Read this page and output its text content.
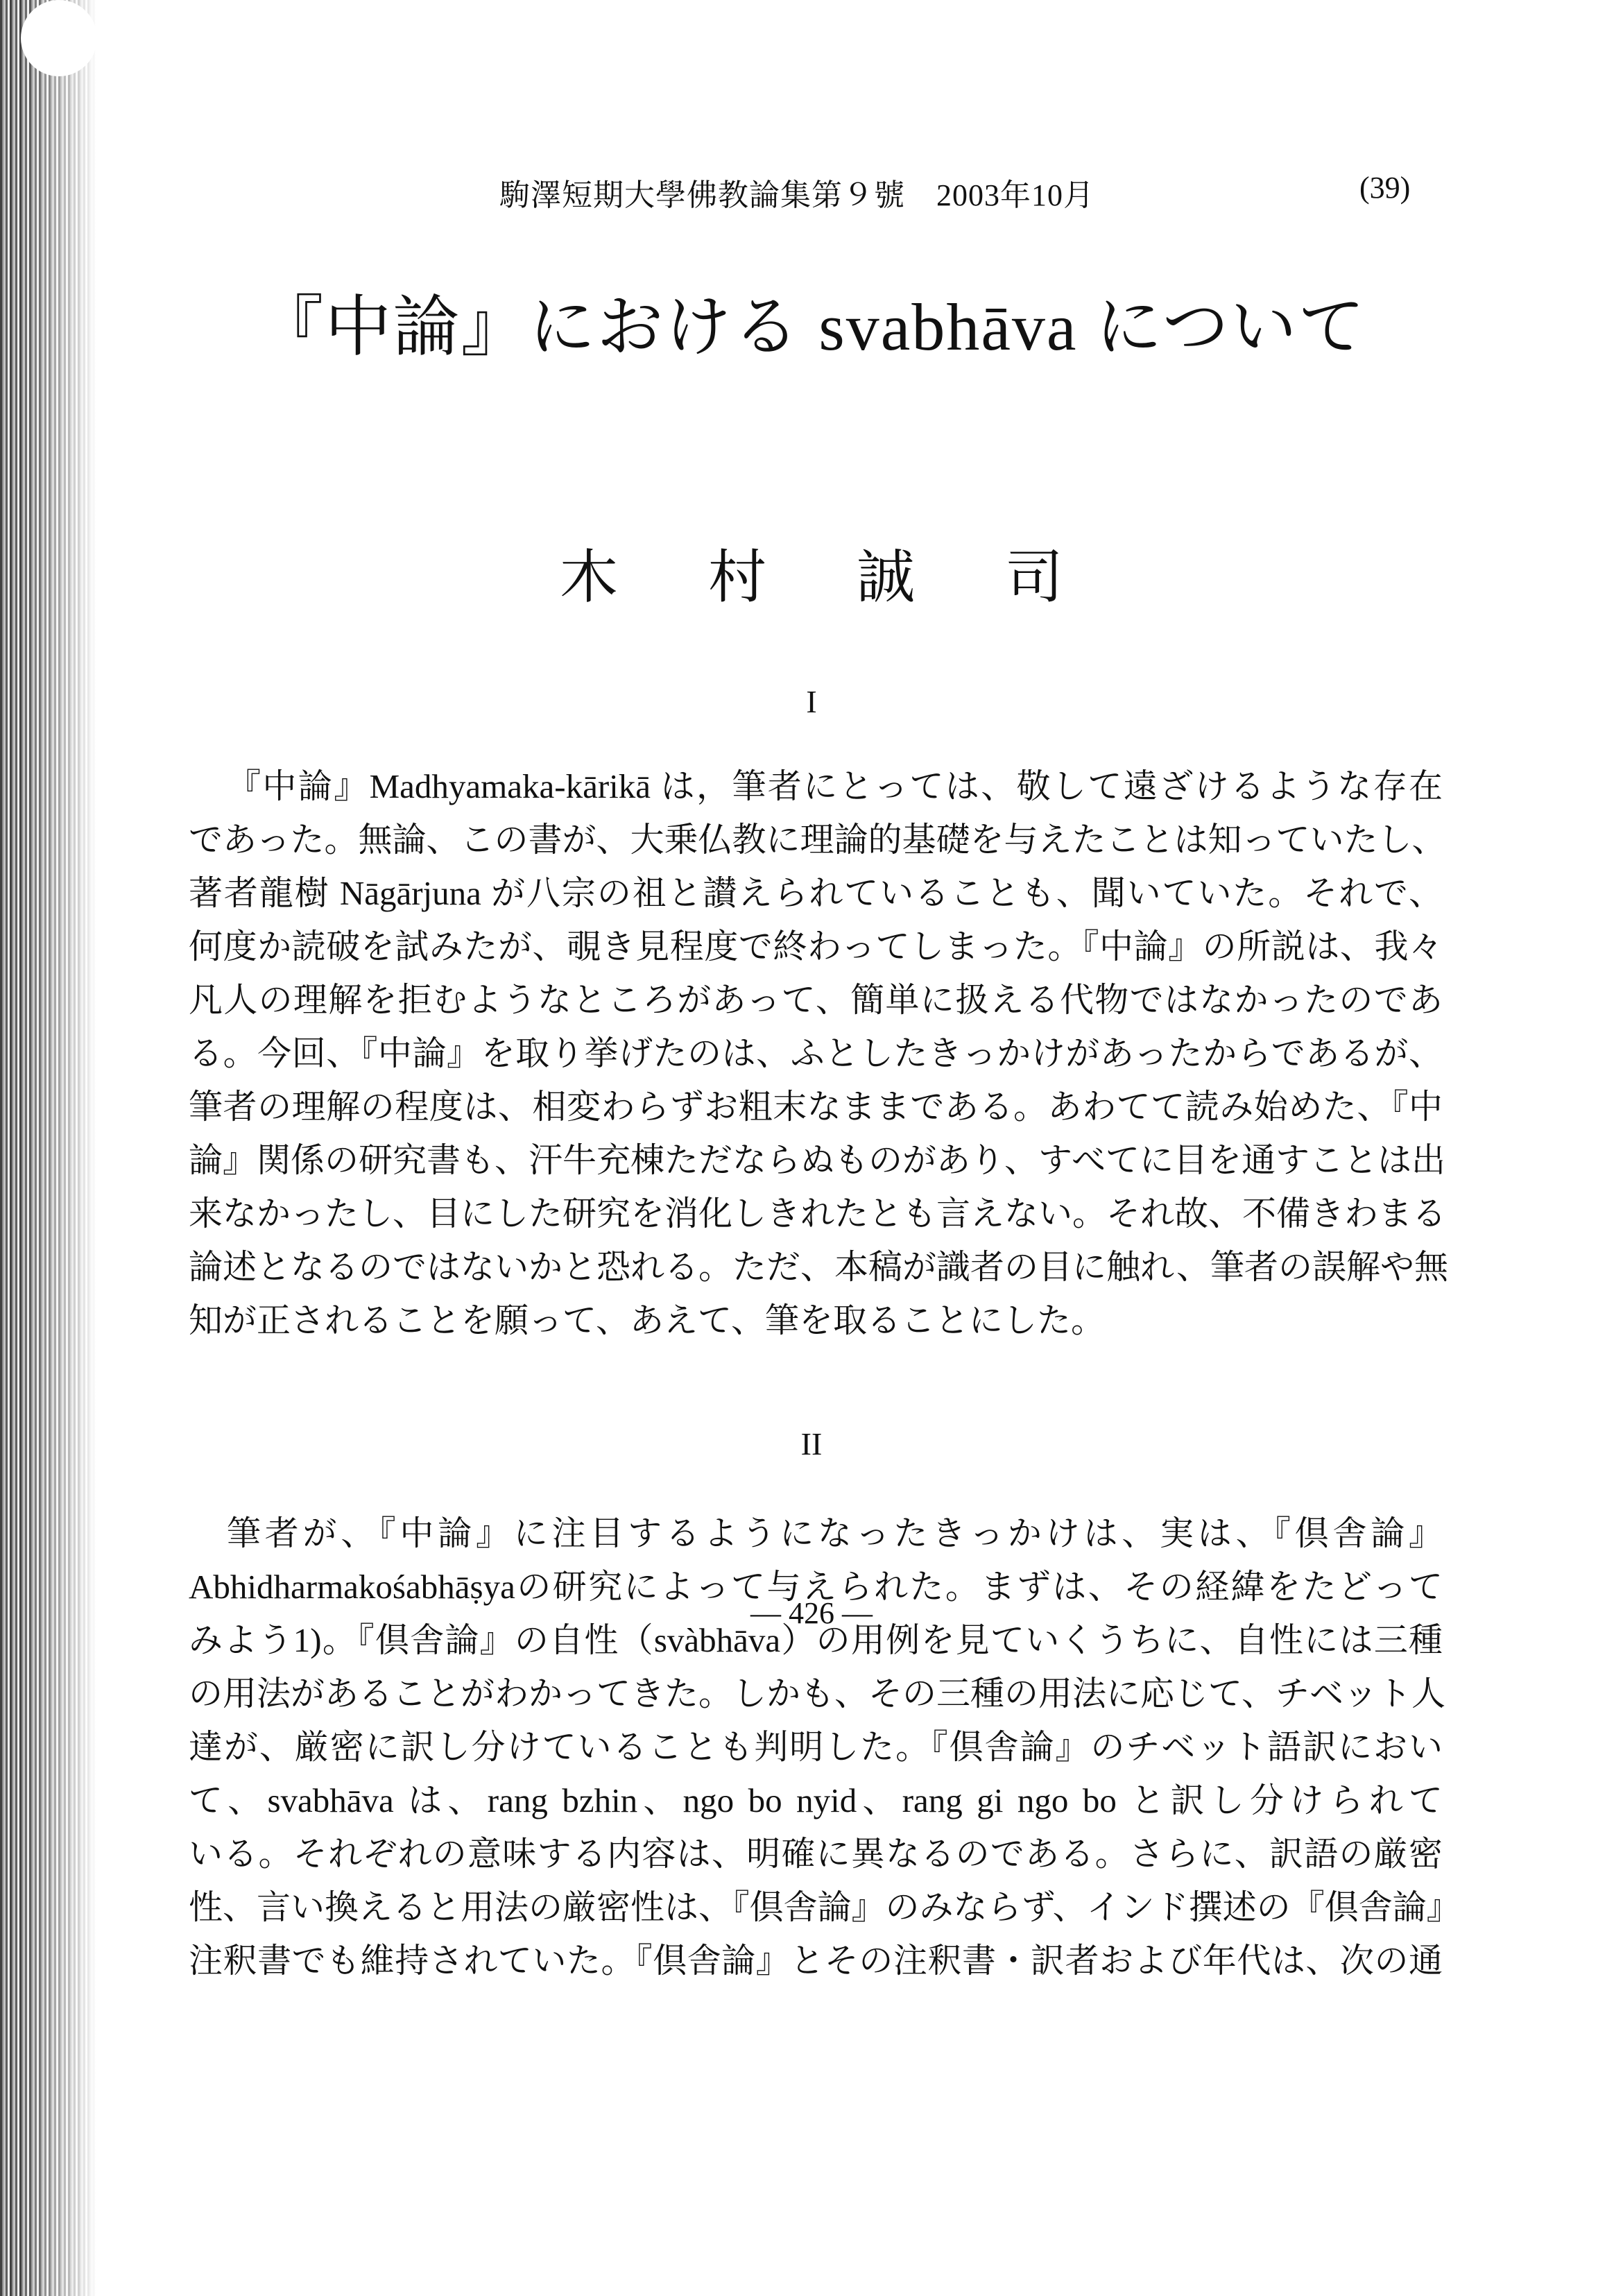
駒澤短期大學佛教論集第９號　2003年10月	(39)
『中論』における svabhāva について
木 村 誠 司
I
『中論』Madhyamaka-kārikā は，筆者にとっては、敬して遠ざけるような存在
であった。無論、この書が、大乗仏教に理論的基礎を与えたことは知っていたし、
著者龍樹 Nāgārjuna が八宗の祖と讃えられていることも、聞いていた。それで、
何度か読破を試みたが、覗き見程度で終わってしまった。『中論』の所説は、我々
凡人の理解を拒むようなところがあって、簡単に扱える代物ではなかったのであ
る。今回、『中論』を取り挙げたのは、ふとしたきっかけがあったからであるが、
筆者の理解の程度は、相変わらずお粗末なままである。あわてて読み始めた、『中
論』関係の研究書も、汗牛充棟ただならぬものがあり、すべてに目を通すことは出
来なかったし、目にした研究を消化しきれたとも言えない。それ故、不備きわまる
論述となるのではないかと恐れる。ただ、本稿が識者の目に触れ、筆者の誤解や無
知が正されることを願って、あえて、筆を取ることにした。
II
筆者が、『中論』に注目するようになったきっかけは、実は、『倶舎論』
Abhidharmakośabhāṣyaの研究によって与えられた。まずは、その経緯をたどって
みよう1)。『倶舎論』の自性（svàbhāva）の用例を見ていくうちに、自性には三種
の用法があることがわかってきた。しかも、その三種の用法に応じて、チベット人
達が、厳密に訳し分けていることも判明した。『倶舎論』のチベット語訳におい
て、svabhāva は、rang bzhin、ngo bo nyid、rang gi ngo bo と訳し分けられて
いる。それぞれの意味する内容は、明確に異なるのである。さらに、訳語の厳密
性、言い換えると用法の厳密性は、『倶舎論』のみならず、インド撰述の『倶舎論』
注釈書でも維持されていた。『倶舎論』とその注釈書・訳者および年代は、次の通
— 426 —
